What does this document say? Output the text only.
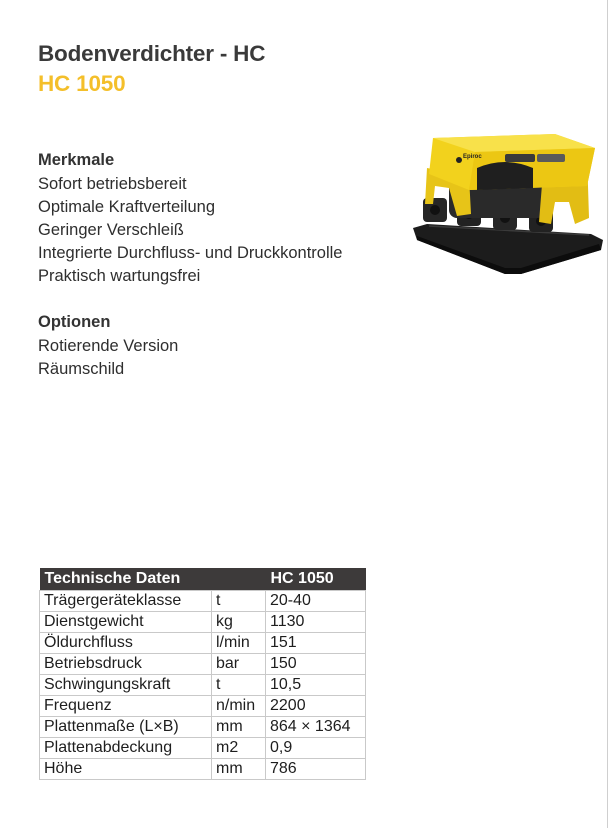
Bodenverdichter - HC
HC 1050
Merkmale
Sofort betriebsbereit
Optimale Kraftverteilung
Geringer Verschleiß
Integrierte Durchfluss- und Druckkontrolle
Praktisch wartungsfrei
Optionen
Rotierende Version
Räumschild
Epiroc
Technische Daten		HC 1050
Trägergeräteklasse	t	20-40
Dienstgewicht	kg	1130
Öldurchfluss	l/min	151
Betriebsdruck	bar	150
Schwingungskraft	t	10,5
Frequenz	n/min	2200
Plattenmaße (L×B)	mm	864 × 1364
Plattenabdeckung	m2	0,9
Höhe	mm	786
